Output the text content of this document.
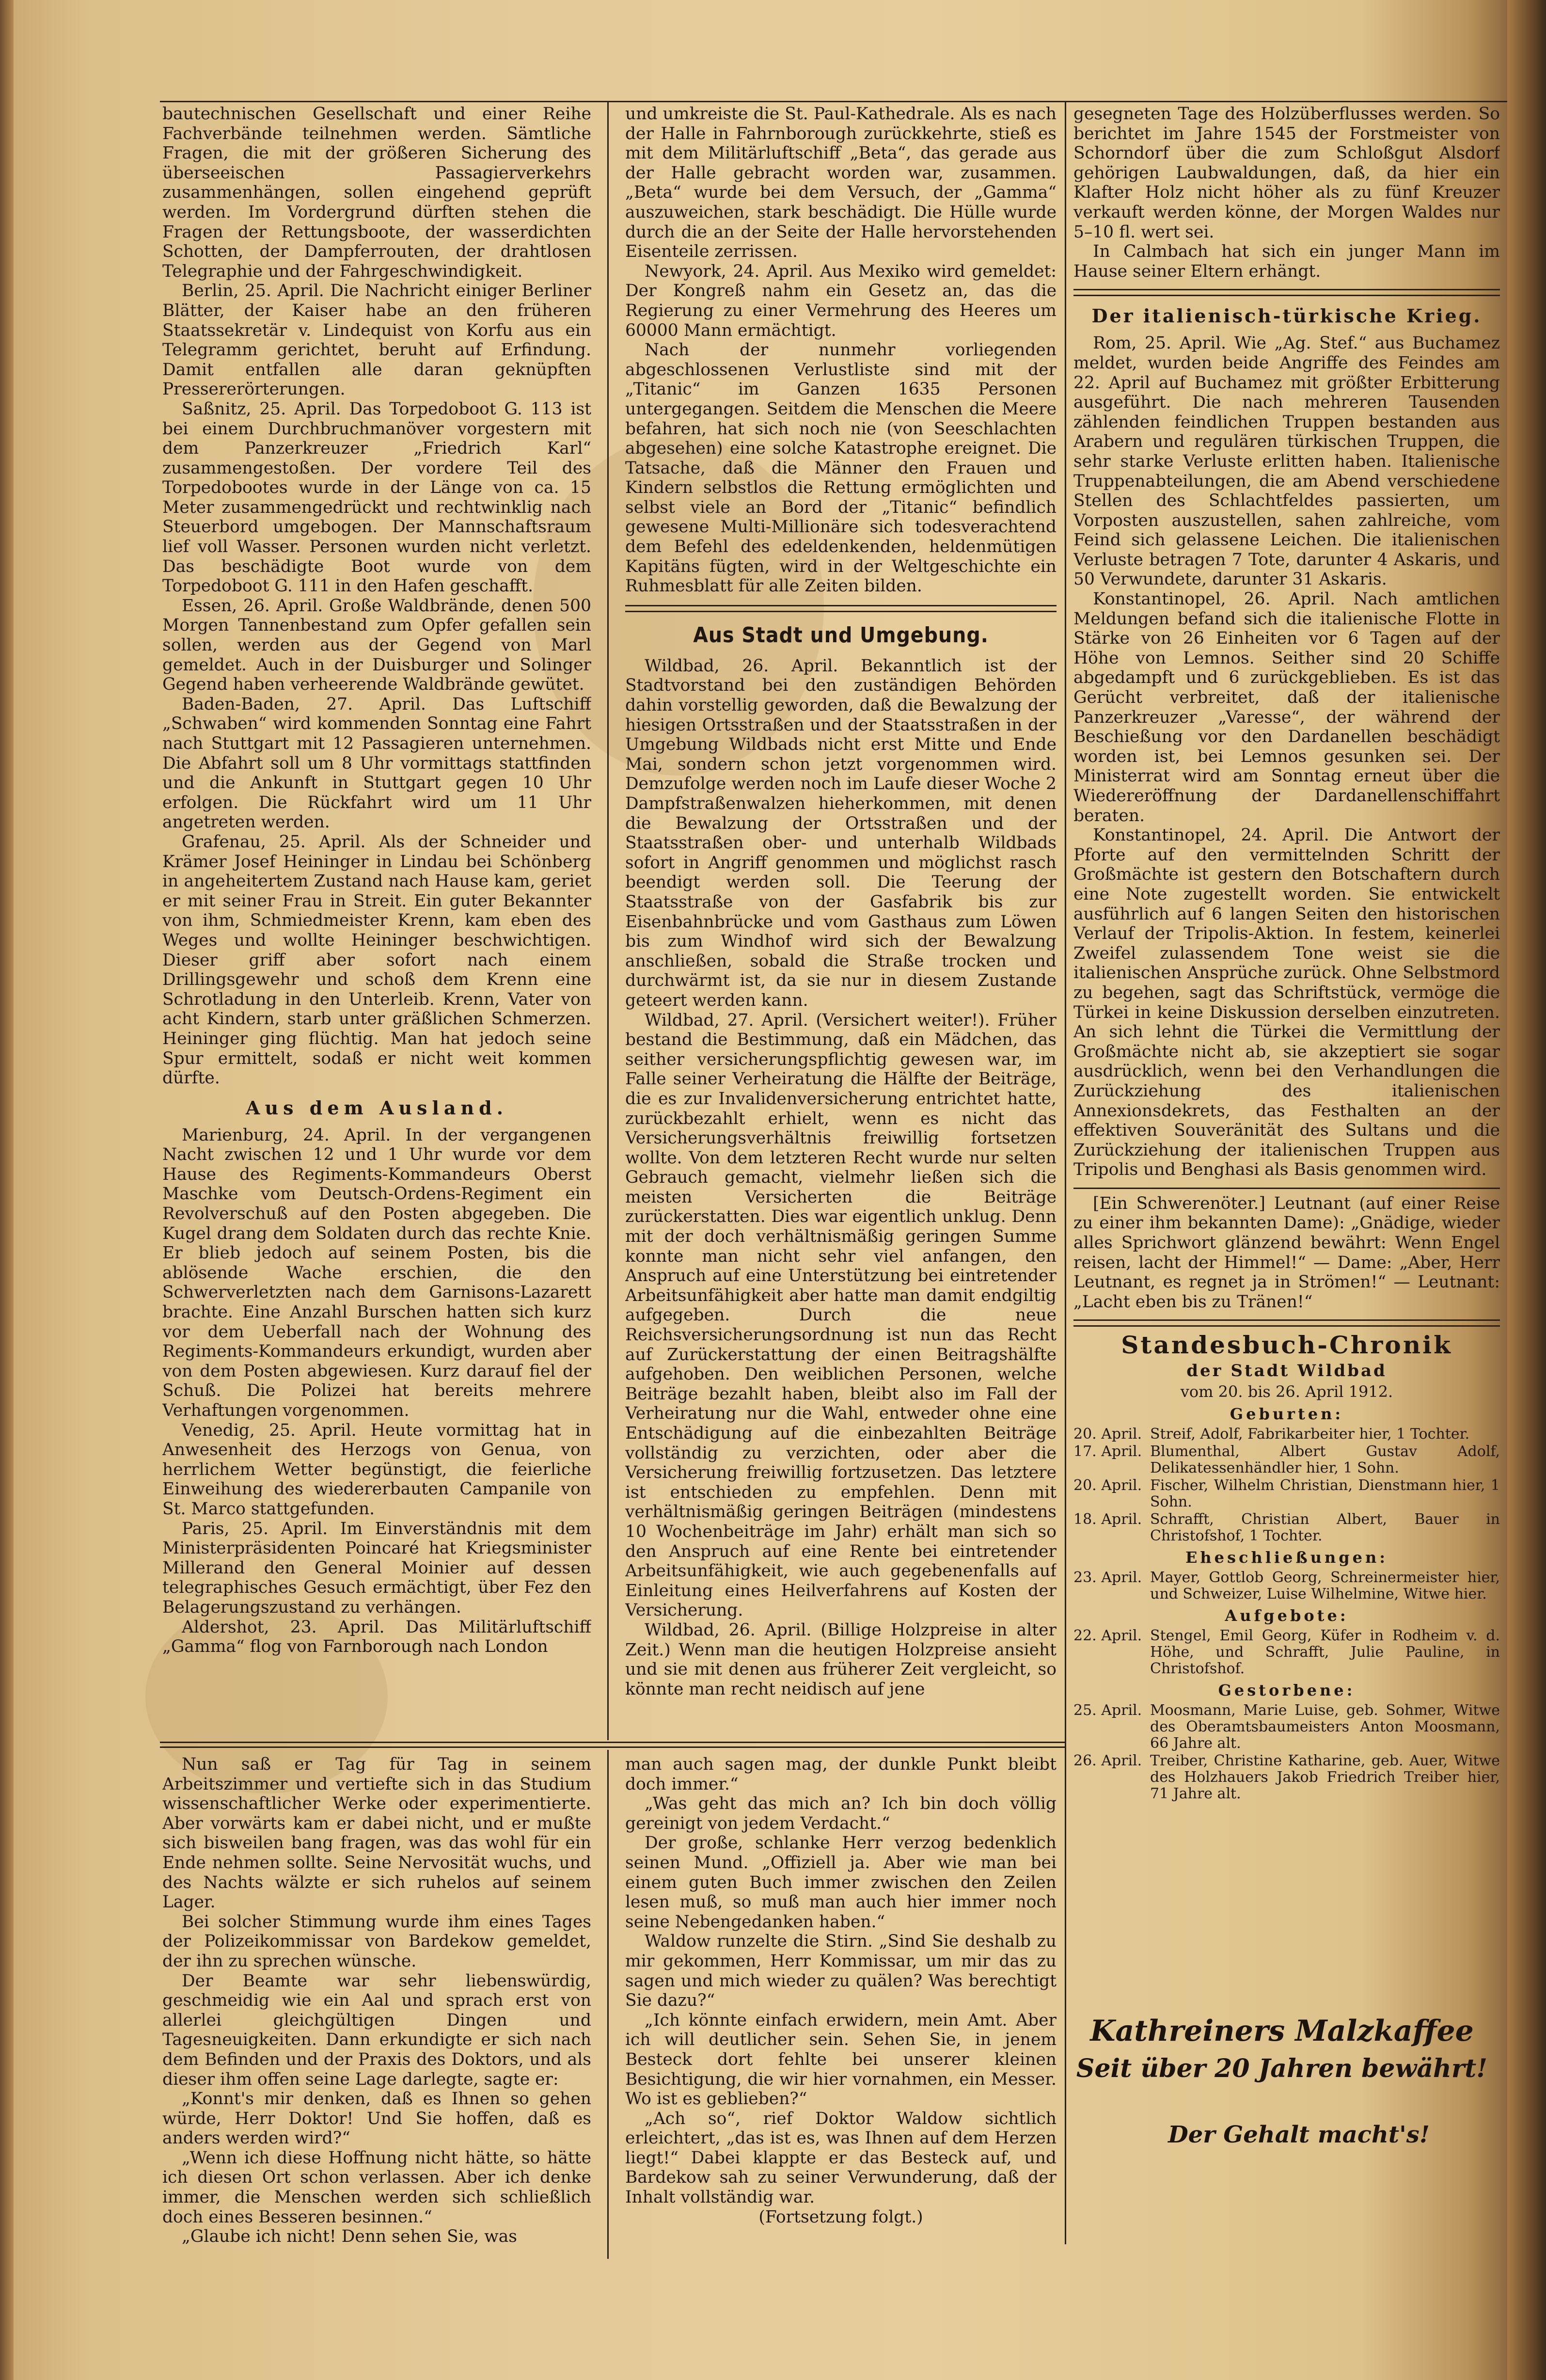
bautechnischen Gesellschaft und einer Reihe Fachverbände teilnehmen werden. Sämtliche Fragen, die mit der größeren Sicherung des überseeischen Passagierverkehrs zusammenhängen, sollen eingehend geprüft werden. Im Vordergrund dürften stehen die Fragen der Rettungsboote, der wasserdichten Schotten, der Dampferrouten, der drahtlosen Telegraphie und der Fahrgeschwindigkeit.

Berlin, 25. April. Die Nachricht einiger Berliner Blätter, der Kaiser habe an den früheren Staatssekretär v. Lindequist von Korfu aus ein Telegramm gerichtet, beruht auf Erfindung. Damit entfallen alle daran geknüpften Pressererörterungen.

Saßnitz, 25. April. Das Torpedoboot G. 113 ist bei einem Durchbruchmanöver vorgestern mit dem Panzerkreuzer „Friedrich Karl“ zusammengestoßen. Der vordere Teil des Torpedobootes wurde in der Länge von ca. 15 Meter zusammengedrückt und rechtwinklig nach Steuerbord umgebogen. Der Mannschaftsraum lief voll Wasser. Personen wurden nicht verletzt. Das beschädigte Boot wurde von dem Torpedoboot G. 111 in den Hafen geschafft.

Essen, 26. April. Große Waldbrände, denen 500 Morgen Tannenbestand zum Opfer gefallen sein sollen, werden aus der Gegend von Marl gemeldet. Auch in der Duisburger und Solinger Gegend haben verheerende Waldbrände gewütet.

Baden-Baden, 27. April. Das Luftschiff „Schwaben“ wird kommenden Sonntag eine Fahrt nach Stuttgart mit 12 Passagieren unternehmen. Die Abfahrt soll um 8 Uhr vormittags stattfinden und die Ankunft in Stuttgart gegen 10 Uhr erfolgen. Die Rückfahrt wird um 11 Uhr angetreten werden.

Grafenau, 25. April. Als der Schneider und Krämer Josef Heininger in Lindau bei Schönberg in angeheitertem Zustand nach Hause kam, geriet er mit seiner Frau in Streit. Ein guter Bekannter von ihm, Schmiedmeister Krenn, kam eben des Weges und wollte Heininger beschwichtigen. Dieser griff aber sofort nach einem Drillingsgewehr und schoß dem Krenn eine Schrotladung in den Unterleib. Krenn, Vater von acht Kindern, starb unter gräßlichen Schmerzen. Heininger ging flüchtig. Man hat jedoch seine Spur ermittelt, sodaß er nicht weit kommen dürfte.

Aus dem Ausland.

Marienburg, 24. April. In der vergangenen Nacht zwischen 12 und 1 Uhr wurde vor dem Hause des Regiments-Kommandeurs Oberst Maschke vom Deutsch-Ordens-Regiment ein Revolverschuß auf den Posten abgegeben. Die Kugel drang dem Soldaten durch das rechte Knie. Er blieb jedoch auf seinem Posten, bis die ablösende Wache erschien, die den Schwerverletzten nach dem Garnisons-Lazarett brachte. Eine Anzahl Burschen hatten sich kurz vor dem Ueberfall nach der Wohnung des Regiments-Kommandeurs erkundigt, wurden aber von dem Posten abgewiesen. Kurz darauf fiel der Schuß. Die Polizei hat bereits mehrere Verhaftungen vorgenommen.

Venedig, 25. April. Heute vormittag hat in Anwesenheit des Herzogs von Genua, von herrlichem Wetter begünstigt, die feierliche Einweihung des wiedererbauten Campanile von St. Marco stattgefunden.

Paris, 25. April. Im Einverständnis mit dem Ministerpräsidenten Poincaré hat Kriegsminister Millerand den General Moinier auf dessen telegraphisches Gesuch ermächtigt, über Fez den Belagerungszustand zu verhängen.

Aldershot, 23. April. Das Militärluftschiff „Gamma“ flog von Farnborough nach London

und umkreiste die St. Paul-Kathedrale. Als es nach der Halle in Fahrnborough zurückkehrte, stieß es mit dem Militärluftschiff „Beta“, das gerade aus der Halle gebracht worden war, zusammen. „Beta“ wurde bei dem Versuch, der „Gamma“ auszuweichen, stark beschädigt. Die Hülle wurde durch die an der Seite der Halle hervorstehenden Eisenteile zerrissen.

Newyork, 24. April. Aus Mexiko wird gemeldet: Der Kongreß nahm ein Gesetz an, das die Regierung zu einer Vermehrung des Heeres um 60000 Mann ermächtigt.

Nach der nunmehr vorliegenden abgeschlossenen Verlustliste sind mit der „Titanic“ im Ganzen 1635 Personen untergegangen. Seitdem die Menschen die Meere befahren, hat sich noch nie (von Seeschlachten abgesehen) eine solche Katastrophe ereignet. Die Tatsache, daß die Männer den Frauen und Kindern selbstlos die Rettung ermöglichten und selbst viele an Bord der „Titanic“ befindlich gewesene Multi-Millionäre sich todesverachtend dem Befehl des edeldenkenden, heldenmütigen Kapitäns fügten, wird in der Weltgeschichte ein Ruhmesblatt für alle Zeiten bilden.

Aus Stadt und Umgebung.

Wildbad, 26. April. Bekanntlich ist der Stadtvorstand bei den zuständigen Behörden dahin vorstellig geworden, daß die Bewalzung der hiesigen Ortsstraßen und der Staatsstraßen in der Umgebung Wildbads nicht erst Mitte und Ende Mai, sondern schon jetzt vorgenommen wird. Demzufolge werden noch im Laufe dieser Woche 2 Dampfstraßenwalzen hieherkommen, mit denen die Bewalzung der Ortsstraßen und der Staatsstraßen ober- und unterhalb Wildbads sofort in Angriff genommen und möglichst rasch beendigt werden soll. Die Teerung der Staatsstraße von der Gasfabrik bis zur Eisenbahnbrücke und vom Gasthaus zum Löwen bis zum Windhof wird sich der Bewalzung anschließen, sobald die Straße trocken und durchwärmt ist, da sie nur in diesem Zustande geteert werden kann.

Wildbad, 27. April. (Versichert weiter!). Früher bestand die Bestimmung, daß ein Mädchen, das seither versicherungspflichtig gewesen war, im Falle seiner Verheiratung die Hälfte der Beiträge, die es zur Invalidenversicherung entrichtet hatte, zurückbezahlt erhielt, wenn es nicht das Versicherungsverhältnis freiwillig fortsetzen wollte. Von dem letzteren Recht wurde nur selten Gebrauch gemacht, vielmehr ließen sich die meisten Versicherten die Beiträge zurückerstatten. Dies war eigentlich unklug. Denn mit der doch verhältnismäßig geringen Summe konnte man nicht sehr viel anfangen, den Anspruch auf eine Unterstützung bei eintretender Arbeitsunfähigkeit aber hatte man damit endgiltig aufgegeben. Durch die neue Reichsversicherungsordnung ist nun das Recht auf Zurückerstattung der einen Beitragshälfte aufgehoben. Den weiblichen Personen, welche Beiträge bezahlt haben, bleibt also im Fall der Verheiratung nur die Wahl, entweder ohne eine Entschädigung auf die einbezahlten Beiträge vollständig zu verzichten, oder aber die Versicherung freiwillig fortzusetzen. Das letztere ist entschieden zu empfehlen. Denn mit verhältnismäßig geringen Beiträgen (mindestens 10 Wochenbeiträge im Jahr) erhält man sich so den Anspruch auf eine Rente bei eintretender Arbeitsunfähigkeit, wie auch gegebenenfalls auf Einleitung eines Heilverfahrens auf Kosten der Versicherung.

Wildbad, 26. April. (Billige Holzpreise in alter Zeit.) Wenn man die heutigen Holzpreise ansieht und sie mit denen aus früherer Zeit vergleicht, so könnte man recht neidisch auf jene

gesegneten Tage des Holzüberflusses werden. So berichtet im Jahre 1545 der Forstmeister von Schorndorf über die zum Schloßgut Alsdorf gehörigen Laubwaldungen, daß, da hier ein Klafter Holz nicht höher als zu fünf Kreuzer verkauft werden könne, der Morgen Waldes nur 5–10 fl. wert sei.

In Calmbach hat sich ein junger Mann im Hause seiner Eltern erhängt.

Der italienisch-türkische Krieg.

Rom, 25. April. Wie „Ag. Stef.“ aus Buchamez meldet, wurden beide Angriffe des Feindes am 22. April auf Buchamez mit größter Erbitterung ausgeführt. Die nach mehreren Tausenden zählenden feindlichen Truppen bestanden aus Arabern und regulären türkischen Truppen, die sehr starke Verluste erlitten haben. Italienische Truppenabteilungen, die am Abend verschiedene Stellen des Schlachtfeldes passierten, um Vorposten auszustellen, sahen zahlreiche, vom Feind sich gelassene Leichen. Die italienischen Verluste betragen 7 Tote, darunter 4 Askaris, und 50 Verwundete, darunter 31 Askaris.

Konstantinopel, 26. April. Nach amtlichen Meldungen befand sich die italienische Flotte in Stärke von 26 Einheiten vor 6 Tagen auf der Höhe von Lemnos. Seither sind 20 Schiffe abgedampft und 6 zurückgeblieben. Es ist das Gerücht verbreitet, daß der italienische Panzerkreuzer „Varesse“, der während der Beschießung vor den Dardanellen beschädigt worden ist, bei Lemnos gesunken sei. Der Ministerrat wird am Sonntag erneut über die Wiedereröffnung der Dardanellenschiffahrt beraten.

Konstantinopel, 24. April. Die Antwort der Pforte auf den vermittelnden Schritt der Großmächte ist gestern den Botschaftern durch eine Note zugestellt worden. Sie entwickelt ausführlich auf 6 langen Seiten den historischen Verlauf der Tripolis-Aktion. In festem, keinerlei Zweifel zulassendem Tone weist sie die italienischen Ansprüche zurück. Ohne Selbstmord zu begehen, sagt das Schriftstück, vermöge die Türkei in keine Diskussion derselben einzutreten. An sich lehnt die Türkei die Vermittlung der Großmächte nicht ab, sie akzeptiert sie sogar ausdrücklich, wenn bei den Verhandlungen die Zurückziehung des italienischen Annexionsdekrets, das Festhalten an der effektiven Souveränität des Sultans und die Zurückziehung der italienischen Truppen aus Tripolis und Benghasi als Basis genommen wird.

[Ein Schwerenöter.] Leutnant (auf einer Reise zu einer ihm bekannten Dame): „Gnädige, wieder alles Sprichwort glänzend bewährt: Wenn Engel reisen, lacht der Himmel!“ — Dame: „Aber, Herr Leutnant, es regnet ja in Strömen!“ — Leutnant: „Lacht eben bis zu Tränen!“

Standesbuch-Chronik
der Stadt Wildbad
vom 20. bis 26. April 1912.
Geburten:
20. April. Streif, Adolf, Fabrikarbeiter hier, 1 Tochter.
17. April. Blumenthal, Albert Gustav Adolf, Delikatessenhändler hier, 1 Sohn.
20. April. Fischer, Wilhelm Christian, Dienstmann hier, 1 Sohn.
18. April. Schrafft, Christian Albert, Bauer in Christofshof, 1 Tochter.
Eheschließungen:
23. April. Mayer, Gottlob Georg, Schreinermeister hier, und Schweizer, Luise Wilhelmine, Witwe hier.
Aufgebote:
22. April. Stengel, Emil Georg, Küfer in Rodheim v. d. Höhe, und Schrafft, Julie Pauline, in Christofshof.
Gestorbene:
25. April. Moosmann, Marie Luise, geb. Sohmer, Witwe des Oberamtsbaumeisters Anton Moosmann, 66 Jahre alt.
26. April. Treiber, Christine Katharine, geb. Auer, Witwe des Holzhauers Jakob Friedrich Treiber hier, 71 Jahre alt.
Kathreiners Malzkaffee
Seit über 20 Jahren bewährt!
Der Gehalt macht's!

Nun saß er Tag für Tag in seinem Arbeitszimmer und vertiefte sich in das Studium wissenschaftlicher Werke oder experimentierte. Aber vorwärts kam er dabei nicht, und er mußte sich bisweilen bang fragen, was das wohl für ein Ende nehmen sollte. Seine Nervosität wuchs, und des Nachts wälzte er sich ruhelos auf seinem Lager.

Bei solcher Stimmung wurde ihm eines Tages der Polizeikommissar von Bardekow gemeldet, der ihn zu sprechen wünsche.

Der Beamte war sehr liebenswürdig, geschmeidig wie ein Aal und sprach erst von allerlei gleichgültigen Dingen und Tagesneuigkeiten. Dann erkundigte er sich nach dem Befinden und der Praxis des Doktors, und als dieser ihm offen seine Lage darlegte, sagte er:

„Konnt's mir denken, daß es Ihnen so gehen würde, Herr Doktor! Und Sie hoffen, daß es anders werden wird?“

„Wenn ich diese Hoffnung nicht hätte, so hätte ich diesen Ort schon verlassen. Aber ich denke immer, die Menschen werden sich schließlich doch eines Besseren besinnen.“

„Glaube ich nicht! Denn sehen Sie, was

man auch sagen mag, der dunkle Punkt bleibt doch immer.“

„Was geht das mich an? Ich bin doch völlig gereinigt von jedem Verdacht.“

Der große, schlanke Herr verzog bedenklich seinen Mund. „Offiziell ja. Aber wie man bei einem guten Buch immer zwischen den Zeilen lesen muß, so muß man auch hier immer noch seine Nebengedanken haben.“

Waldow runzelte die Stirn. „Sind Sie deshalb zu mir gekommen, Herr Kommissar, um mir das zu sagen und mich wieder zu quälen? Was berechtigt Sie dazu?“

„Ich könnte einfach erwidern, mein Amt. Aber ich will deutlicher sein. Sehen Sie, in jenem Besteck dort fehlte bei unserer kleinen Besichtigung, die wir hier vornahmen, ein Messer. Wo ist es geblieben?“

„Ach so“, rief Doktor Waldow sichtlich erleichtert, „das ist es, was Ihnen auf dem Herzen liegt!“ Dabei klappte er das Besteck auf, und Bardekow sah zu seiner Verwunderung, daß der Inhalt vollständig war.

(Fortsetzung folgt.)
